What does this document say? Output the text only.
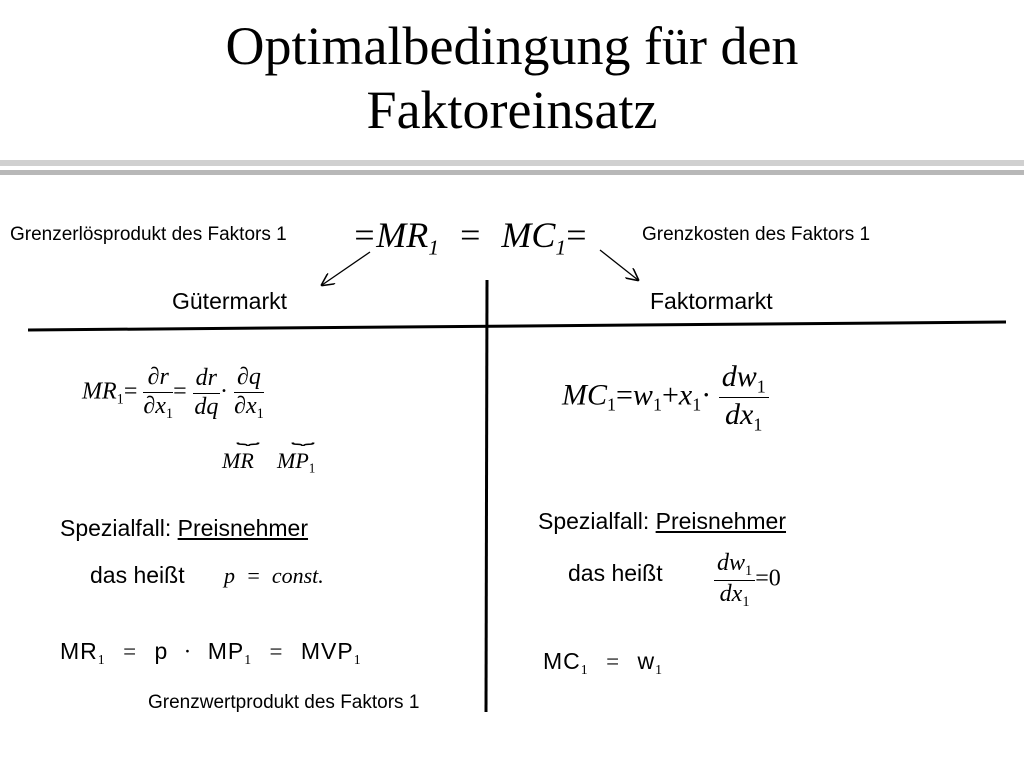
Optimalbedingung für den
Faktoreinsatz
Grenzerlösprodukt des Faktors 1	Grenzkosten des Faktors 1
$=MR_1 = MC_1=$
Gütermarkt	Faktormarkt
$MR_1= \frac{\partial r}{\partial x_1} = \frac{dr}{dq} \cdot \frac{\partial q}{\partial x_1}$
⏟	⏟
MR $MP_1$
Spezialfall: Preisnehmer
das heißt p  =  const.
$MR_1 = p \cdot MP_1 = MVP_1$
Grenzwertprodukt des Faktors 1
$MC_1=w_1+x_1\cdot \frac{dw_1}{dx_1}$
Spezialfall: Preisnehmer
das heißt $\frac{dw_1}{dx_1} =0$
$MC_1 = w_1$
